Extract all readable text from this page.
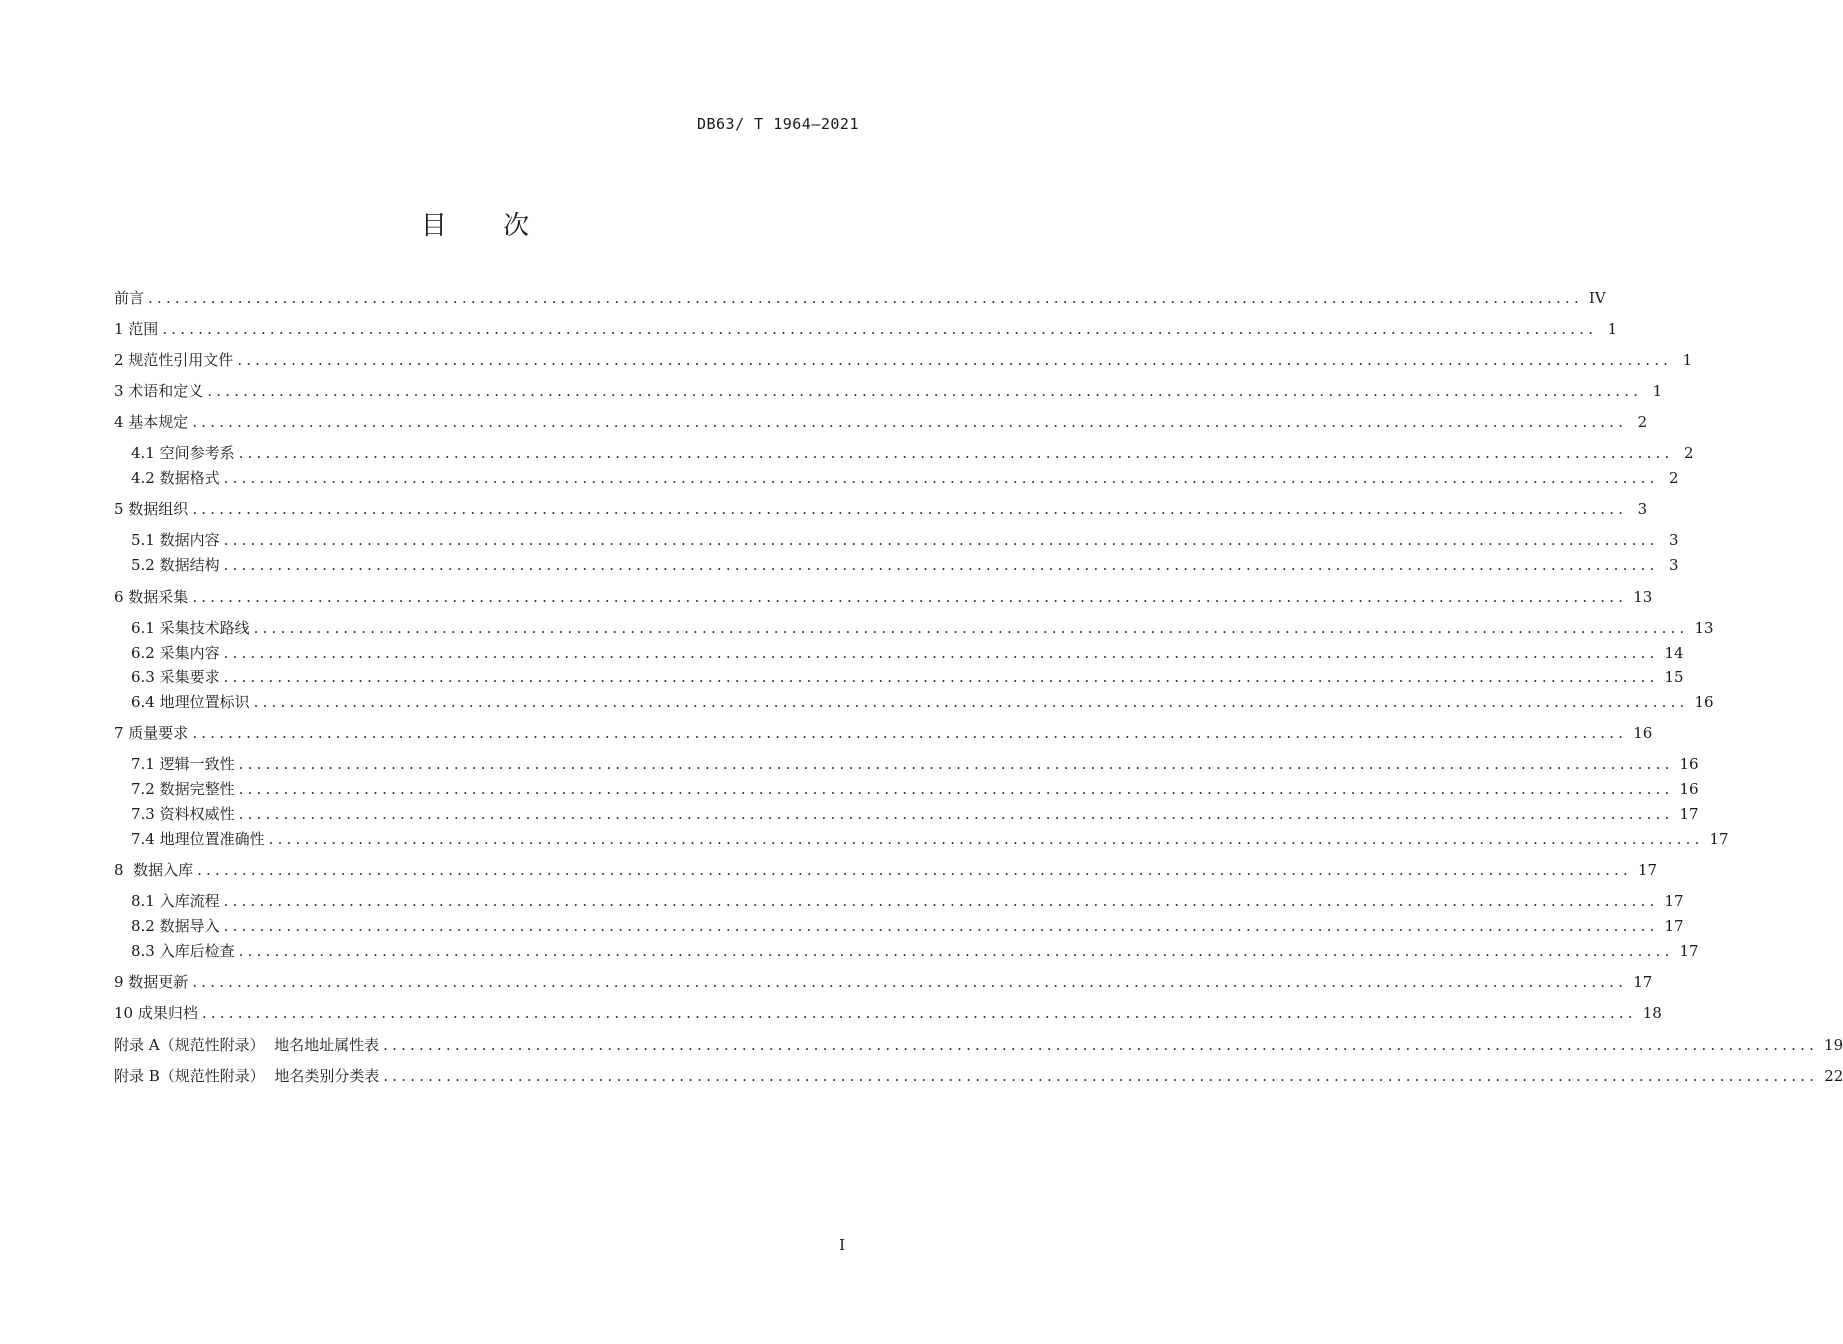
DB63/ T 1964—2021
目 次
前言 ................................................................................................................................................................ IV
1 范围 ................................................................................................................................................................ 1
2 规范性引用文件 ................................................................................................................................................................ 1
3 术语和定义 ................................................................................................................................................................ 1
4 基本规定 ................................................................................................................................................................ 2
4.1 空间参考系 ................................................................................................................................................................ 2
4.2 数据格式 ................................................................................................................................................................ 2
5 数据组织 ................................................................................................................................................................ 3
5.1 数据内容 ................................................................................................................................................................ 3
5.2 数据结构 ................................................................................................................................................................ 3
6 数据采集 ................................................................................................................................................................ 13
6.1 采集技术路线 ................................................................................................................................................................ 13
6.2 采集内容 ................................................................................................................................................................ 14
6.3 采集要求 ................................................................................................................................................................ 15
6.4 地理位置标识 ................................................................................................................................................................ 16
7 质量要求 ................................................................................................................................................................ 16
7.1 逻辑一致性 ................................................................................................................................................................ 16
7.2 数据完整性 ................................................................................................................................................................ 16
7.3 资料权威性 ................................................................................................................................................................ 17
7.4 地理位置准确性 ................................................................................................................................................................ 17
8  数据入库 ................................................................................................................................................................ 17
8.1 入库流程 ................................................................................................................................................................ 17
8.2 数据导入 ................................................................................................................................................................ 17
8.3 入库后检查 ................................................................................................................................................................ 17
9 数据更新 ................................................................................................................................................................ 17
10 成果归档 ................................................................................................................................................................ 18
附录 A（规范性附录）  地名地址属性表 ................................................................................................................................................................ 19
附录 B（规范性附录）  地名类别分类表 ................................................................................................................................................................ 22
I
